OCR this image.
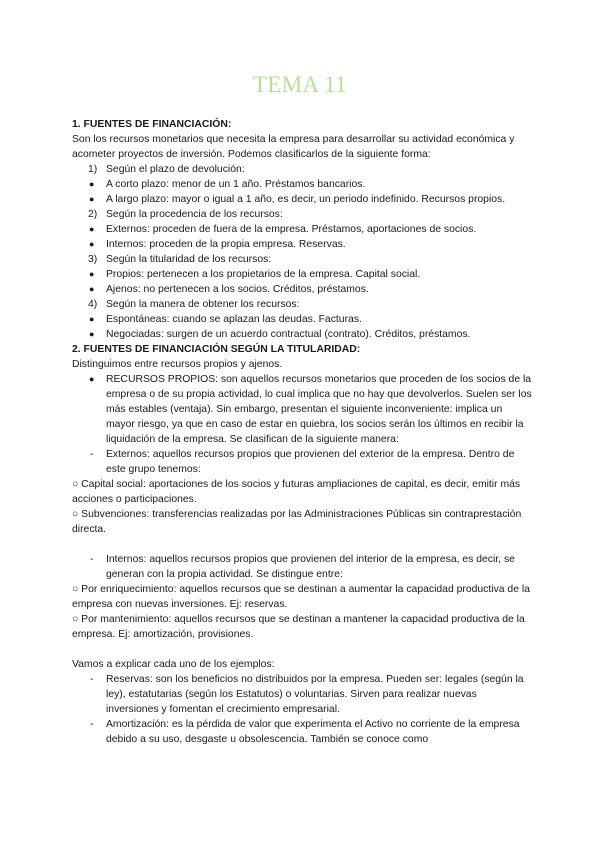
TEMA 11
1. FUENTES DE FINANCIACIÓN:
Son los recursos monetarios que necesita la empresa para desarrollar su actividad económica y acometer proyectos de inversión. Podemos clasificarlos de la siguiente forma:
1) Según el plazo de devolución:
● A corto plazo: menor de un 1 año. Préstamos bancarios.
● A largo plazo: mayor o igual a 1 año, es decir, un periodo indefinido. Recursos propios.
2) Según la procedencia de los recursos:
● Externos: proceden de fuera de la empresa. Préstamos, aportaciones de socios.
● Internos: proceden de la propia empresa. Reservas.
3) Según la titularidad de los recursos:
● Propios: pertenecen a los propietarios de la empresa. Capital social.
● Ajenos: no pertenecen a los socios. Créditos, préstamos.
4) Según la manera de obtener los recursos:
● Espontáneas: cuando se aplazan las deudas. Facturas.
● Negociadas: surgen de un acuerdo contractual (contrato). Créditos, préstamos.
2. FUENTES DE FINANCIACIÓN SEGÚN LA TITULARIDAD:
Distinguimos entre recursos propios y ajenos.
● RECURSOS PROPIOS: son aquellos recursos monetarios que proceden de los socios de la empresa o de su propia actividad, lo cual implica que no hay que devolverlos. Suelen ser los más estables (ventaja). Sin embargo, presentan el siguiente inconveniente: implica un mayor riesgo, ya que en caso de estar en quiebra, los socios serán los últimos en recibir la liquidación de la empresa. Se clasifican de la siguiente manera:
- Externos: aquellos recursos propios que provienen del exterior de la empresa. Dentro de este grupo tenemos:
○ Capital social: aportaciones de los socios y futuras ampliaciones de capital, es decir, emitir más acciones o participaciones.
○ Subvenciones: transferencias realizadas por las Administraciones Públicas sin contraprestación directa.
- Internos: aquellos recursos propios que provienen del interior de la empresa, es decir, se generan con la propia actividad. Se distingue entre:
○ Por enriquecimiento: aquellos recursos que se destinan a aumentar la capacidad productiva de la empresa con nuevas inversiones. Ej: reservas.
○ Por mantenimiento: aquellos recursos que se destinan a mantener la capacidad productiva de la empresa. Ej: amortización, provisiones.
Vamos a explicar cada uno de los ejemplos:
- Reservas: son los beneficios no distribuidos por la empresa. Pueden ser: legales (según la ley), estatutarias (según los Estatutos) o voluntarias. Sirven para realizar nuevas inversiones y fomentan el crecimiento empresarial.
- Amortización: es la pérdida de valor que experimenta el Activo no corriente de la empresa debido a su uso, desgaste u obsolescencia. También se conoce como
